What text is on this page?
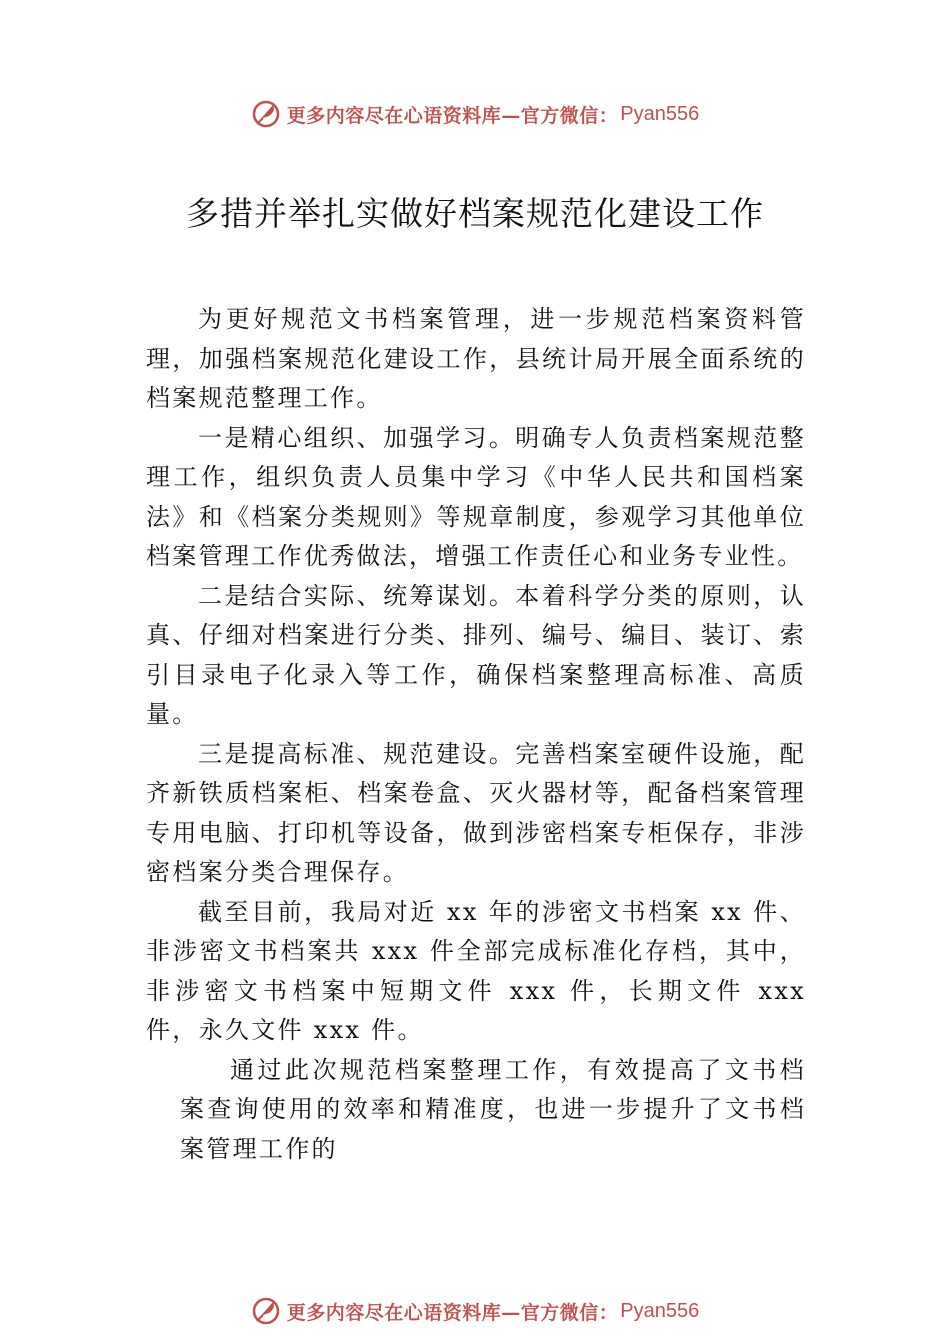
更多内容尽在心语资料库—官方微信： Pyan556
多措并举扎实做好档案规范化建设工作

为更好规范文书档案管理，进一步规范档案资料管理，加强档案规范化建设工作，县统计局开展全面系统的档案规范整理工作。

一是精心组织、加强学习。明确专人负责档案规范整理工作，组织负责人员集中学习《中华人民共和国档案法》和《档案分类规则》等规章制度，参观学习其他单位档案管理工作优秀做法，增强工作责任心和业务专业性。

二是结合实际、统筹谋划。本着科学分类的原则，认真、仔细对档案进行分类、排列、编号、编目、装订、索引目录电子化录入等工作，确保档案整理高标准、高质量。

三是提高标准、规范建设。完善档案室硬件设施，配齐新铁质档案柜、档案卷盒、灭火器材等，配备档案管理专用电脑、打印机等设备，做到涉密档案专柜保存，非涉密档案分类合理保存。

截至目前，我局对近 xx 年的涉密文书档案 xx 件、非涉密文书档案共 xxx 件全部完成标准化存档，其中，非涉密文书档案中短期文件 xxx 件，长期文件 xxx 件，永久文件 xxx 件。

通过此次规范档案整理工作，有效提高了文书档案查询使用的效率和精准度，也进一步提升了文书档案管理工作的

更多内容尽在心语资料库—官方微信： Pyan556
